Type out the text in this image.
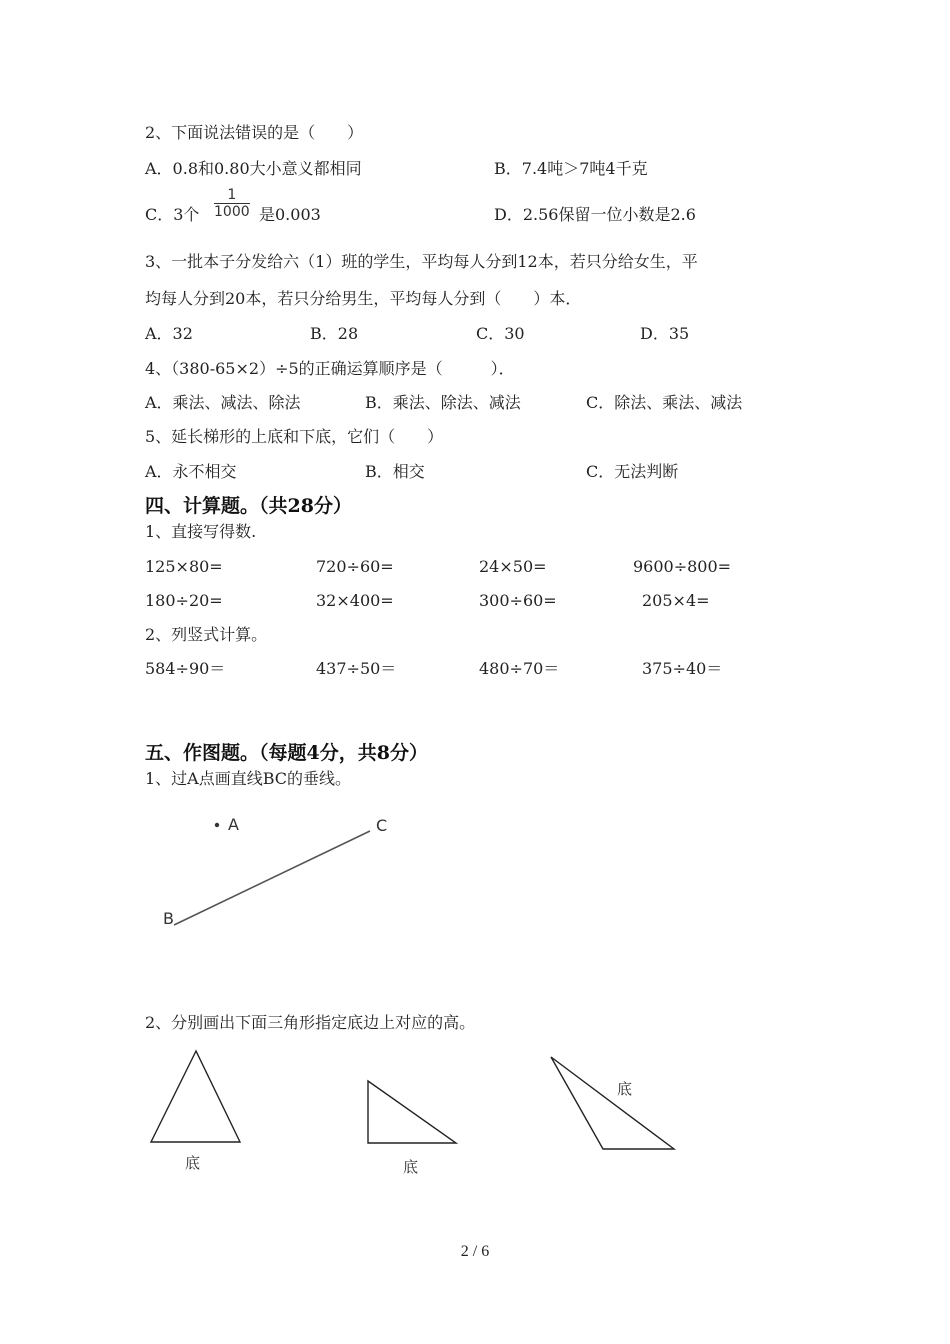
2、下面说法错误的是（　　）
A．0.8和0.80大小意义都相同	B．7.4吨＞7吨4千克
C．3个 $\frac{1}{1000}$ 是0.003	D．2.56保留一位小数是2.6
3、一批本子分发给六（1）班的学生，平均每人分到12本，若只分给女生，平
均每人分到20本，若只分给男生，平均每人分到（　　）本．
A．32	B．28	C．30	D．35
4、（380-65×2）÷5的正确运算顺序是（　　　）．
A．乘法、减法、除法	B．乘法、除法、减法	C．除法、乘法、减法
5、延长梯形的上底和下底，它们（　　）
A．永不相交	B．相交	C．无法判断
四、计算题。（共28分）
1、直接写得数.
125×80=	720÷60=	24×50=	9600÷800=
180÷20=	32×400=	300÷60=	205×4=
2、列竖式计算。
584÷90＝	437÷50＝	480÷70＝	375÷40＝
五、作图题。（每题4分，共8分）
1、过A点画直线BC的垂线。
A	C
B
2、分别画出下面三角形指定底边上对应的高。
底	底
底
2 / 6
